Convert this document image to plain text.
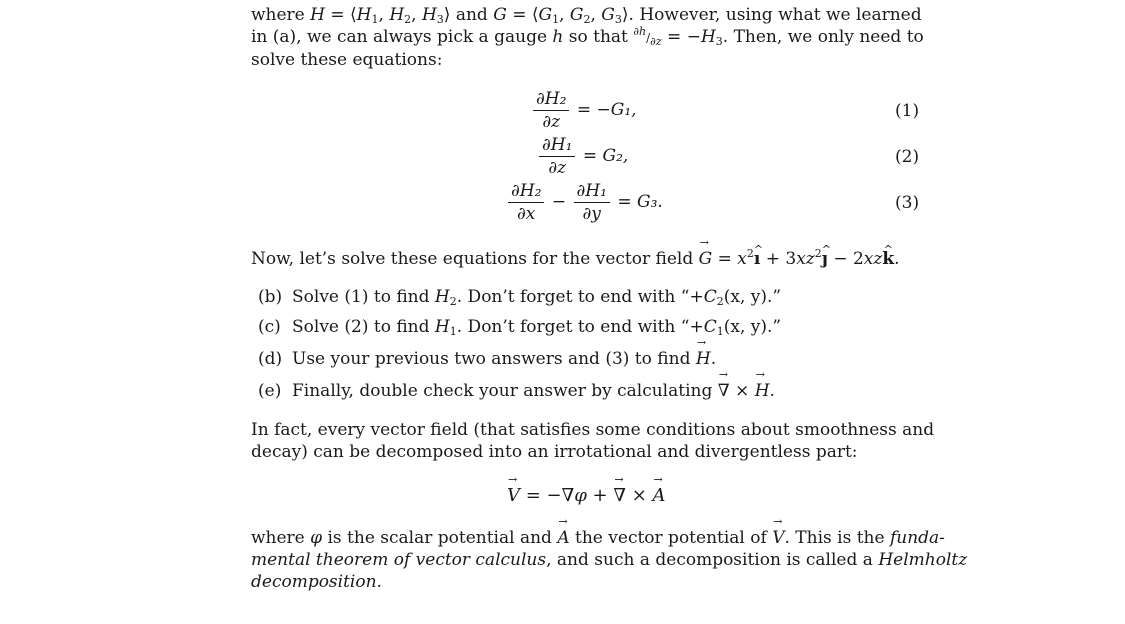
where → $H = ⟨H_1$, $H_2$, $H_3⟩$ and → $G = ⟨G_1$, $G_2$, $G_3⟩$. However, using what we learned
in (a), we can always pick a gauge h so that $^{\partial h}/_{\partial z} = -H_3$. Then, we only need to
solve these equations:
$\frac{\text{∂H₂}}{\partial z} = -G_1$,	(1)
$\frac{\text{∂H₁}}{\partial z} = G_2$,	(2)
$\frac{\text{∂H₂}}{\partial x} - \frac{\text{∂H₁}}{\partial y} = G_3$.	(3)
Now, let’s solve these equations for the vector field → $G = x^2\^{}$ ı + $3xz^2\^{}$ ȷ − 2xz^ k.
(b) Solve (1) to find $H_2$. Don’t forget to end with “$+C_2(x$, y).”
(c) Solve (2) to find $H_1$. Don’t forget to end with “$+C_1(x$, y).”
(d) Use your previous two answers and (3) to find → H.
(e) Finally, double check your answer by calculating → ∇ × → H.
In fact, every vector field (that satisfies some conditions about smoothness and
decay) can be decomposed into an irrotational and divergentless part:
→ V = −∇φ + → ∇ × → A
where φ is the scalar potential and → A the vector potential of → V. This is the funda-
mental theorem of vector calculus, and such a decomposition is called a Helmholtz
decomposition.
